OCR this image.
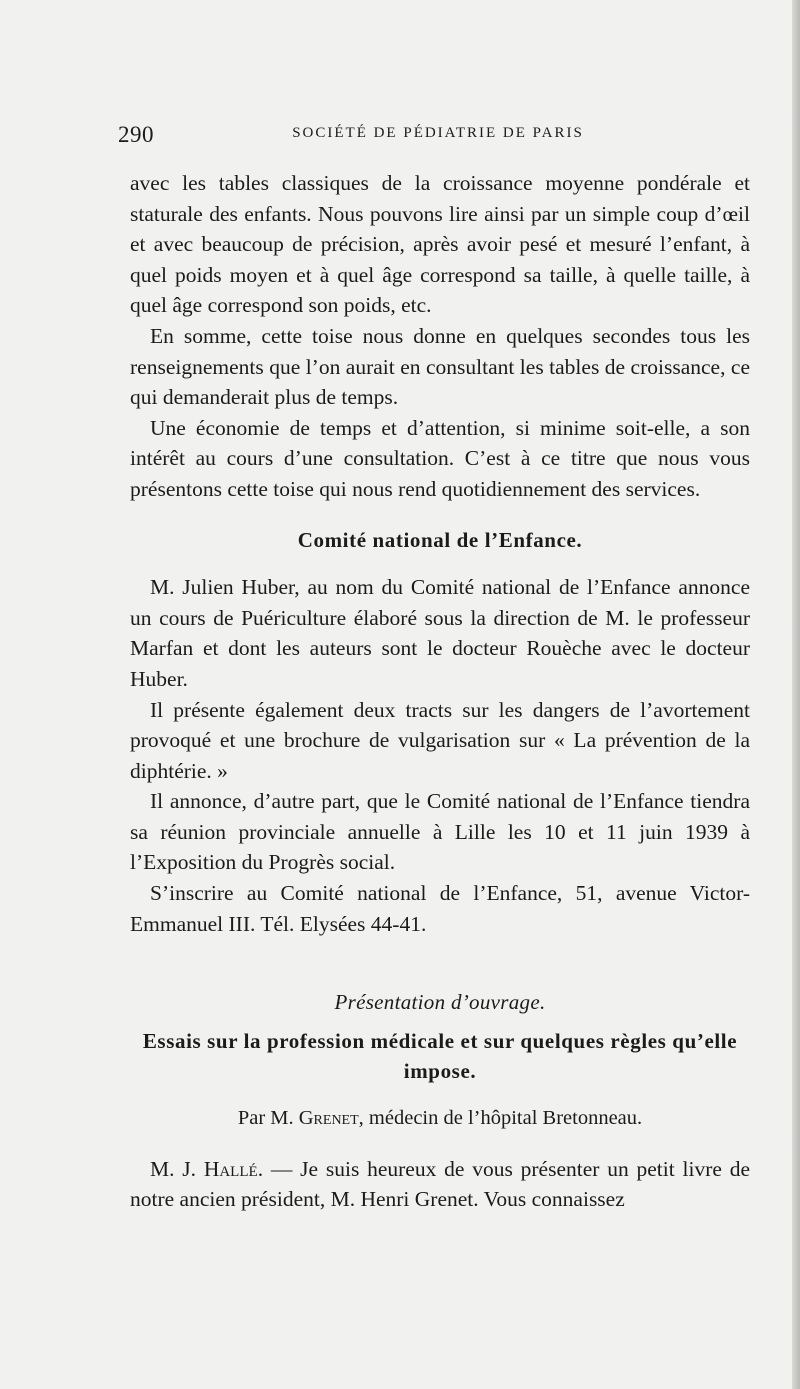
290	SOCIÉTÉ DE PÉDIATRIE DE PARIS

avec les tables classiques de la croissance moyenne pondérale et staturale des enfants. Nous pouvons lire ainsi par un simple coup d’œil et avec beaucoup de précision, après avoir pesé et mesuré l’enfant, à quel poids moyen et à quel âge correspond sa taille, à quelle taille, à quel âge correspond son poids, etc.

En somme, cette toise nous donne en quelques secondes tous les renseignements que l’on aurait en consultant les tables de croissance, ce qui demanderait plus de temps.

Une économie de temps et d’attention, si minime soit-elle, a son intérêt au cours d’une consultation. C’est à ce titre que nous vous présentons cette toise qui nous rend quotidiennement des services.

Comité national de l’Enfance.

M. Julien Huber, au nom du Comité national de l’Enfance annonce un cours de Puériculture élaboré sous la direction de M. le professeur Marfan et dont les auteurs sont le docteur Rouèche avec le docteur Huber.

Il présente également deux tracts sur les dangers de l’avortement provoqué et une brochure de vulgarisation sur « La prévention de la diphtérie. »

Il annonce, d’autre part, que le Comité national de l’Enfance tiendra sa réunion provinciale annuelle à Lille les 10 et 11 juin 1939 à l’Exposition du Progrès social.

S’inscrire au Comité national de l’Enfance, 51, avenue Victor-Emmanuel III. Tél. Elysées 44-41.

Présentation d’ouvrage.
Essais sur la profession médicale et sur quelques règles qu’elle impose.
Par M. Grenet, médecin de l’hôpital Bretonneau.

M. J. Hallé. — Je suis heureux de vous présenter un petit livre de notre ancien président, M. Henri Grenet. Vous connaissez
